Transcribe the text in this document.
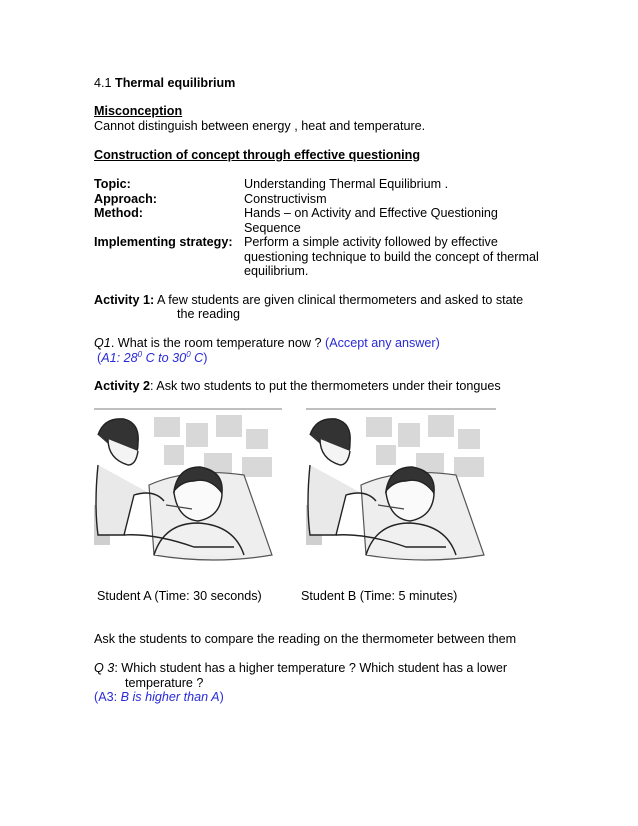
4.1 Thermal equilibrium
Misconception
Cannot distinguish between energy , heat and temperature.
Construction of concept through effective questioning
Topic:	Understanding Thermal Equilibrium .
Approach:	Constructivism
Method:	Hands – on Activity and Effective Questioning
Sequence
Implementing strategy: Perform a simple activity followed by effective
questioning technique to build the concept of thermal
equilibrium.
Activity 1: A few students are given clinical thermometers and asked to state
the reading
Q1. What is the room temperature now ? (Accept any answer)
(A1: $28^0$ C to $30^0$ C)
Activity 2: Ask two students to put the thermometers under their tongues
Student A (Time: 30 seconds)	Student B (Time: 5 minutes)
Ask the students to compare the reading on the thermometer between them
Q 3: Which student has a higher temperature ? Which student has a lower
temperature ?
(A3: B is higher than A)
